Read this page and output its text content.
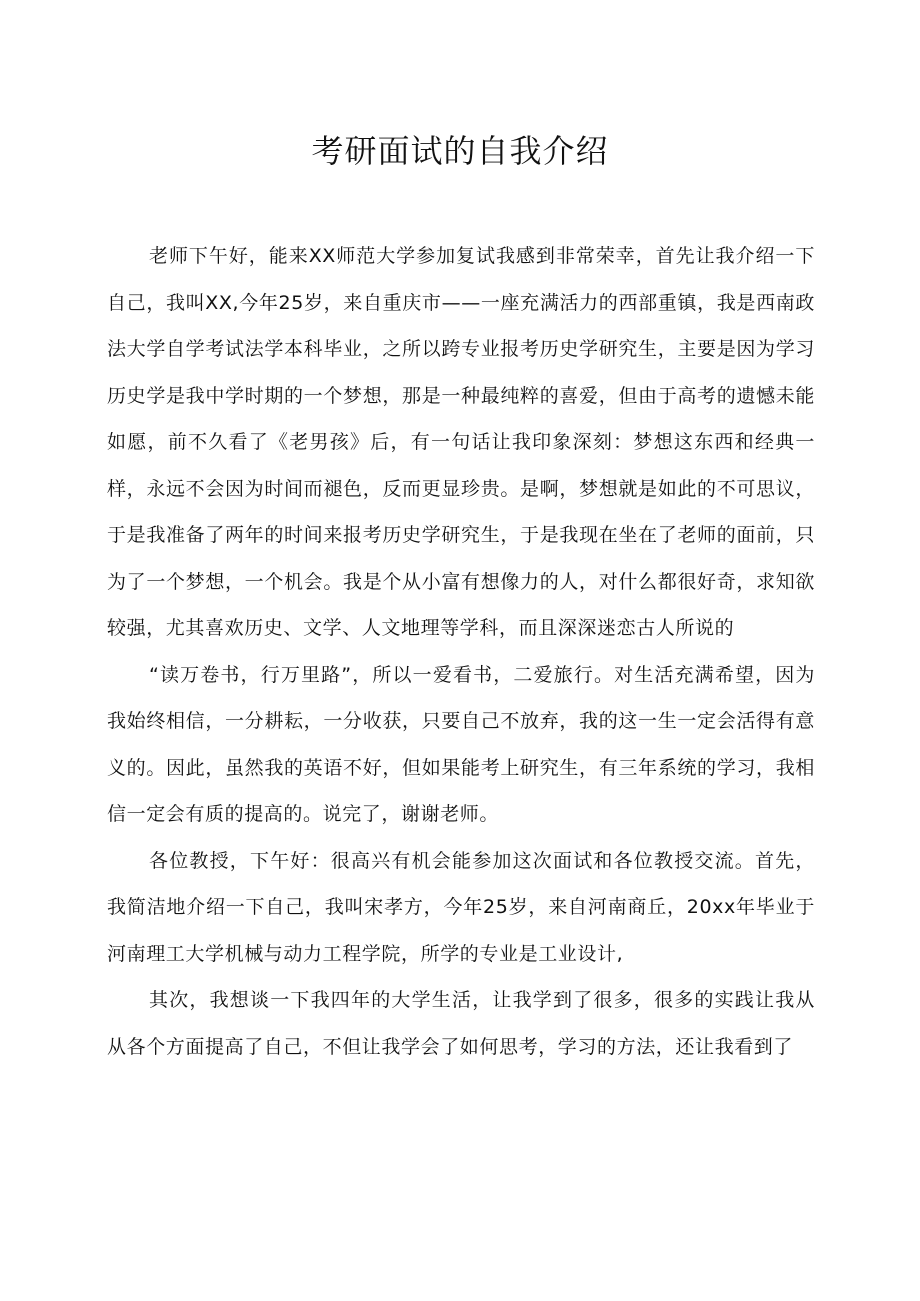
考研面试的自我介绍

老师下午好，能来XX师范大学参加复试我感到非常荣幸，首先让我介绍一下自己，我叫XX,今年25岁，来自重庆市——一座充满活力的西部重镇，我是西南政法大学自学考试法学本科毕业，之所以跨专业报考历史学研究生，主要是因为学习历史学是我中学时期的一个梦想，那是一种最纯粹的喜爱，但由于高考的遗憾未能如愿，前不久看了《老男孩》后，有一句话让我印象深刻：梦想这东西和经典一样，永远不会因为时间而褪色，反而更显珍贵。是啊，梦想就是如此的不可思议，于是我准备了两年的时间来报考历史学研究生，于是我现在坐在了老师的面前，只为了一个梦想，一个机会。我是个从小富有想像力的人，对什么都很好奇，求知欲较强，尤其喜欢历史、文学、人文地理等学科，而且深深迷恋古人所说的

“读万卷书，行万里路”，所以一爱看书，二爱旅行。对生活充满希望，因为我始终相信，一分耕耘，一分收获，只要自己不放弃，我的这一生一定会活得有意义的。因此，虽然我的英语不好，但如果能考上研究生，有三年系统的学习，我相信一定会有质的提高的。说完了，谢谢老师。

各位教授，下午好：很高兴有机会能参加这次面试和各位教授交流。首先，我简洁地介绍一下自己，我叫宋孝方，今年25岁，来自河南商丘，20xx年毕业于河南理工大学机械与动力工程学院，所学的专业是工业设计,

其次，我想谈一下我四年的大学生活，让我学到了很多，很多的实践让我从从各个方面提高了自己，不但让我学会了如何思考，学习的方法，还让我看到了
